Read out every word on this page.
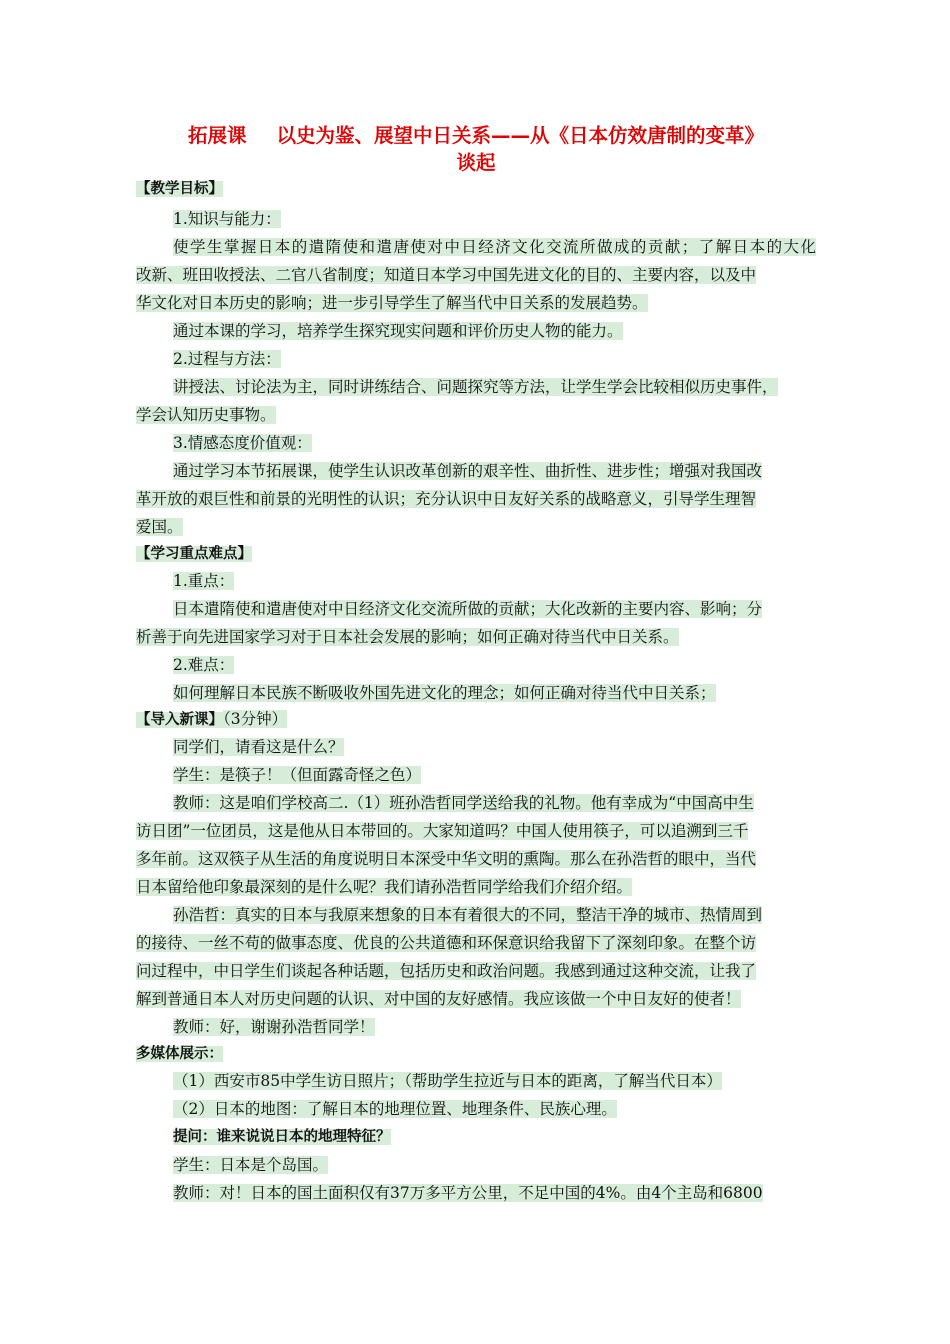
拓展课 以史为鉴、展望中日关系——从《日本仿效唐制的变革》
谈起
【教学目标】
1.知识与能力：
使学生掌握日本的遣隋使和遣唐使对中日经济文化交流所做成的贡献；了解日本的大化
改新、班田收授法、二官八省制度；知道日本学习中国先进文化的目的、主要内容，以及中
华文化对日本历史的影响；进一步引导学生了解当代中日关系的发展趋势。
通过本课的学习，培养学生探究现实问题和评价历史人物的能力。
2.过程与方法：
讲授法、讨论法为主，同时讲练结合、问题探究等方法，让学生学会比较相似历史事件，
学会认知历史事物。
3.情感态度价值观：
通过学习本节拓展课，使学生认识改革创新的艰辛性、曲折性、进步性；增强对我国改
革开放的艰巨性和前景的光明性的认识；充分认识中日友好关系的战略意义，引导学生理智
爱国。
【学习重点难点】
1.重点：
日本遣隋使和遣唐使对中日经济文化交流所做的贡献；大化改新的主要内容、影响；分
析善于向先进国家学习对于日本社会发展的影响；如何正确对待当代中日关系。
2.难点：
如何理解日本民族不断吸收外国先进文化的理念；如何正确对待当代中日关系；
【导入新课】（3分钟）
同学们，请看这是什么？
学生：是筷子！（但面露奇怪之色）
教师：这是咱们学校高二.（1）班孙浩哲同学送给我的礼物。他有幸成为“中国高中生
访日团”一位团员，这是他从日本带回的。大家知道吗？中国人使用筷子，可以追溯到三千
多年前。这双筷子从生活的角度说明日本深受中华文明的熏陶。那么在孙浩哲的眼中，当代
日本留给他印象最深刻的是什么呢？我们请孙浩哲同学给我们介绍介绍。
孙浩哲：真实的日本与我原来想象的日本有着很大的不同，整洁干净的城市、热情周到
的接待、一丝不苟的做事态度、优良的公共道德和环保意识给我留下了深刻印象。在整个访
问过程中，中日学生们谈起各种话题，包括历史和政治问题。我感到通过这种交流，让我了
解到普通日本人对历史问题的认识、对中国的友好感情。我应该做一个中日友好的使者！
教师：好，谢谢孙浩哲同学！
多媒体展示：
（1）西安市85中学生访日照片；（帮助学生拉近与日本的距离，了解当代日本）
（2）日本的地图：了解日本的地理位置、地理条件、民族心理。
提问：谁来说说日本的地理特征？
学生：日本是个岛国。
教师：对！日本的国土面积仅有37万多平方公里，不足中国的4%。由4个主岛和6800
